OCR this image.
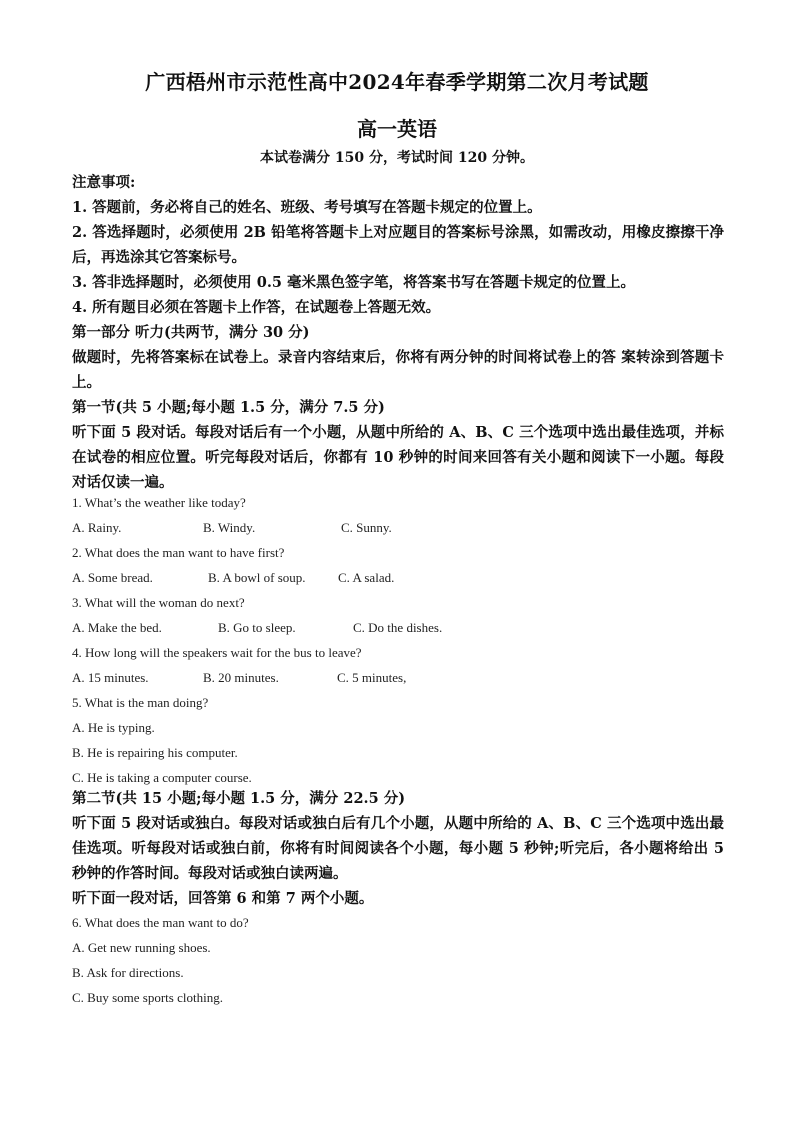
广西梧州市示范性高中2024年春季学期第二次月考试题
高一英语

本试卷满分 150 分，考试时间 120 分钟。

注意事项:

1. 答题前，务必将自己的姓名、班级、考号填写在答题卡规定的位置上。

2. 答选择题时，必须使用 2B 铅笔将答题卡上对应题目的答案标号涂黑，如需改动，用橡皮擦擦干净后，再选涂其它答案标号。

3. 答非选择题时，必须使用 0.5 毫米黑色签字笔，将答案书写在答题卡规定的位置上。

4. 所有题目必须在答题卡上作答，在试题卷上答题无效。

第一部分 听力(共两节，满分 30 分)

做题时，先将答案标在试卷上。录音内容结束后，你将有两分钟的时间将试卷上的答 案转涂到答题卡上。

第一节(共 5 小题;每小题 1.5 分，满分 7.5 分)

听下面 5 段对话。每段对话后有一个小题，从题中所给的 A、B、C 三个选项中选出最佳选项，并标在试卷的相应位置。听完每段对话后，你都有 10 秒钟的时间来回答有关小题和阅读下一小题。每段对话仅读一遍。

1. What’s the weather like today?

A. Rainy.	B. Windy.	C. Sunny.

2. What does the man want to have first?

A. Some bread.	B. A bowl of soup. C. A salad.

3. What will the woman do next?

A. Make the bed.	B. Go to sleep.	C. Do the dishes.

4. How long will the speakers wait for the bus to leave?

A. 15 minutes.	B. 20 minutes.	C. 5 minutes,

5. What is the man doing?

A. He is typing.

B. He is repairing his computer.

C. He is taking a computer course.

第二节(共 15 小题;每小题 1.5 分，满分 22.5 分)

听下面 5 段对话或独白。每段对话或独白后有几个小题，从题中所给的 A、B、C 三个选项中选出最佳选项。听每段对话或独白前，你将有时间阅读各个小题，每小题 5 秒钟;听完后，各小题将给出 5 秒钟的作答时间。每段对话或独白读两遍。

听下面一段对话，回答第 6 和第 7 两个小题。

6. What does the man want to do?

A. Get new running shoes.

B. Ask for directions.

C. Buy some sports clothing.
